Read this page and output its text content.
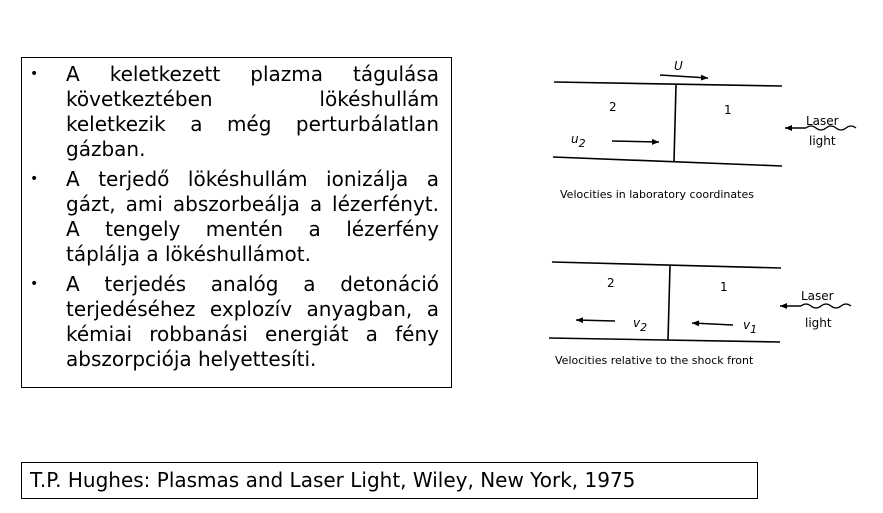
• A keletkezett plazma tágulása következtében lökéshullám keletkezik a még perturbálatlan gázban.
• A terjedő lökéshullám ionizálja a gázt, ami abszorbeálja a lézerfényt. A tengely mentén a lézerfény táplálja a lökéshullámot.
• A terjedés analóg a detonáció terjedéséhez explozív anyagban, a kémiai robbanási energiát a fény abszorpciója helyettesíti.
U
2	1
u2
Laser
light
Velocities in laboratory coordinates
2	1
v2	v1
Laser
light
Velocities relative to the shock front
T.P. Hughes: Plasmas and Laser Light, Wiley, New York, 1975
